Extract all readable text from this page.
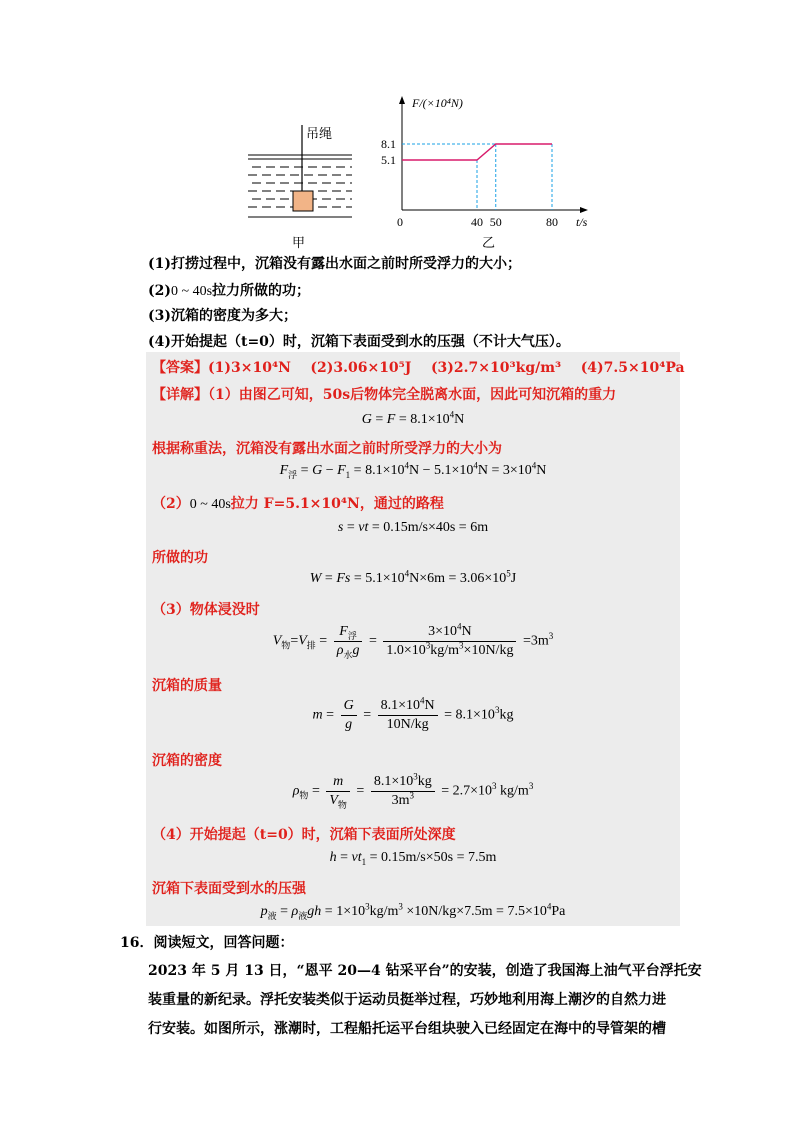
吊绳
甲
0	40 50	80 t/s
8.1
5.1
F/(×10⁴N)
乙
(1)打捞过程中，沉箱没有露出水面之前时所受浮力的大小；
(2)0 ~ 40s拉力所做的功；
(3)沉箱的密度为多大；
(4)开始提起（t=0）时，沉箱下表面受到水的压强（不计大气压）。
【答案】(1)3×10⁴N (2)3.06×10⁵J (3)2.7×10³kg/m³ (4)7.5×10⁴Pa
【详解】（1）由图乙可知，50s后物体完全脱离水面，因此可知沉箱的重力
$G = F = 8.1\times 10^4N$
根据称重法，沉箱没有露出水面之前时所受浮力的大小为
$F_浮 = G - F_1 = 8.1\times 10^4N - 5.1\times 10^4N = 3\times 10^4N$
（2）0 ~ 40s拉力 F=5.1×10⁴N，通过的路程
s = vt = 0.15m/s×40s = 6m
所做的功
$W = Fs = 5.1\times 10^4N\times 6m = 3.06\times 10^5J$
（3）物体浸没时
$V_物=V_排 = \frac{F_浮}{\rho_水g} = \frac{3\times 10^4N}{1.0\times 10^3kg/m^3\times 10N/kg} =3m^3$
沉箱的质量
$m = \frac{G}{g} = \frac{8.1\times 10^4N}{10N/kg} = 8.1\times 10^3kg$
沉箱的密度
$\rho_物 = \frac{m}{V_物} = \frac{8.1\times 10^3kg}{3m^3} = 2.7\times 10^3$ $kg/m^3$
（4）开始提起（t=0）时，沉箱下表面所处深度
$h = vt_1 = 0.15m/s\times 50s = 7.5m$
沉箱下表面受到水的压强
$p_液 = \rho_液gh = 1\times 10^3kg/m^3 \times 10N/kg\times 7.5m = 7.5\times 10^4Pa$
16．阅读短文，回答问题：
2023 年 5 月 13 日，“恩平 20—4 钻采平台”的安装，创造了我国海上油气平台浮托安
装重量的新纪录。浮托安装类似于运动员挺举过程，巧妙地利用海上潮汐的自然力进
行安装。如图所示，涨潮时，工程船托运平台组块驶入已经固定在海中的导管架的槽
